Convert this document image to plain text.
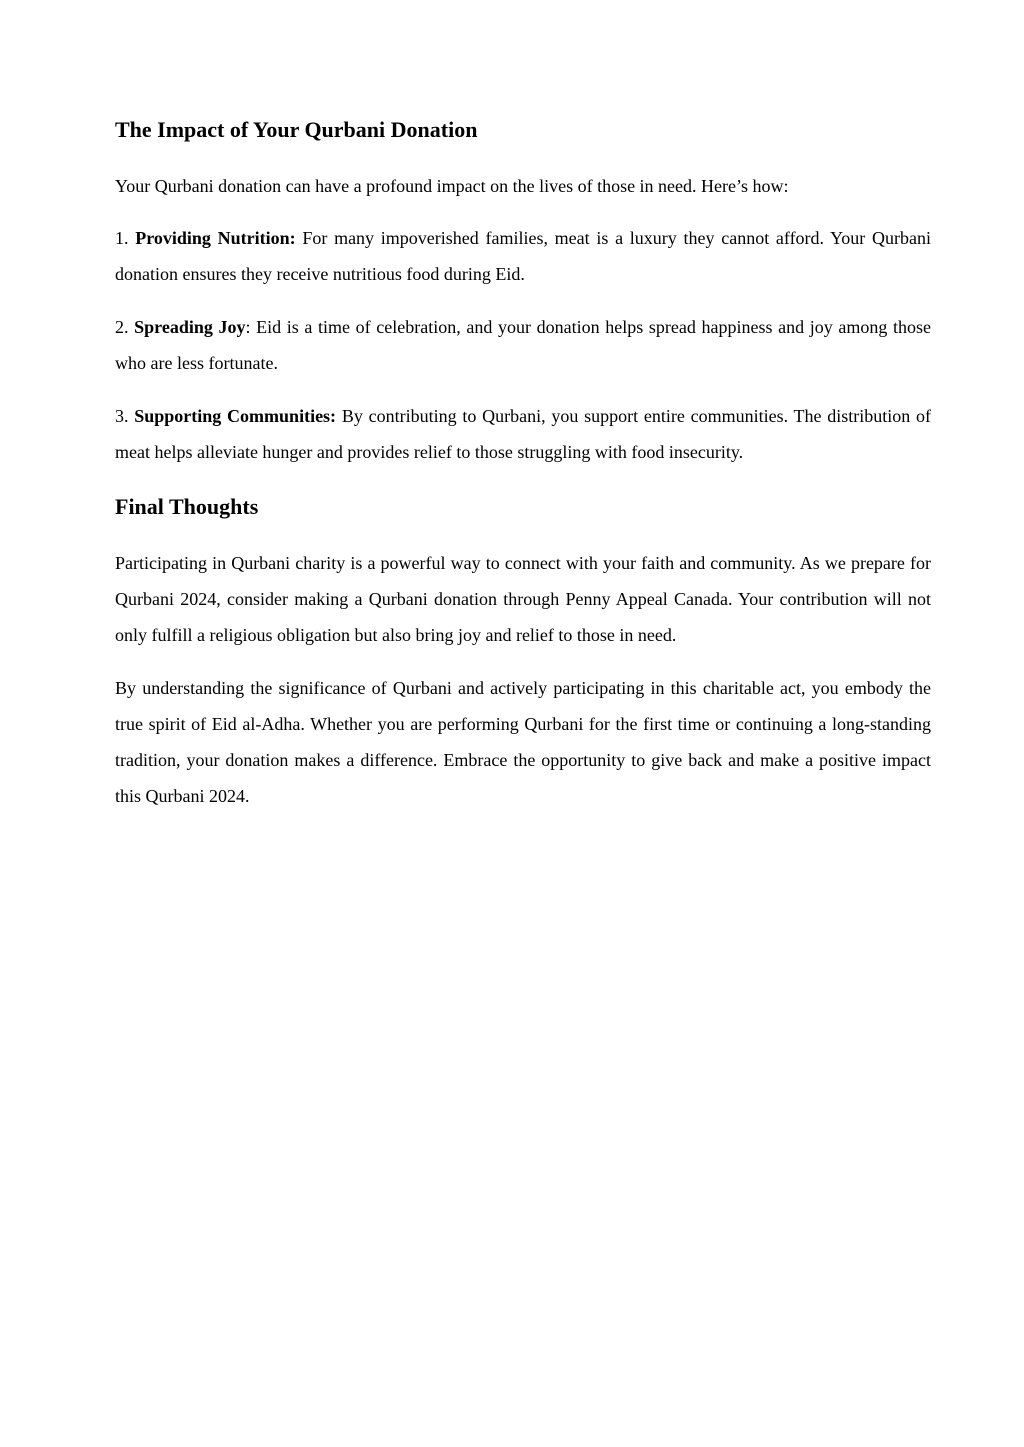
The Impact of Your Qurbani Donation

Your Qurbani donation can have a profound impact on the lives of those in need. Here’s how:

1. Providing Nutrition: For many impoverished families, meat is a luxury they cannot afford. Your Qurbani donation ensures they receive nutritious food during Eid.

2. Spreading Joy: Eid is a time of celebration, and your donation helps spread happiness and joy among those who are less fortunate.

3. Supporting Communities: By contributing to Qurbani, you support entire communities. The distribution of meat helps alleviate hunger and provides relief to those struggling with food insecurity.

Final Thoughts

Participating in Qurbani charity is a powerful way to connect with your faith and community. As we prepare for Qurbani 2024, consider making a Qurbani donation through Penny Appeal Canada. Your contribution will not only fulfill a religious obligation but also bring joy and relief to those in need.

By understanding the significance of Qurbani and actively participating in this charitable act, you embody the true spirit of Eid al-Adha. Whether you are performing Qurbani for the first time or continuing a long-standing tradition, your donation makes a difference. Embrace the opportunity to give back and make a positive impact this Qurbani 2024.
